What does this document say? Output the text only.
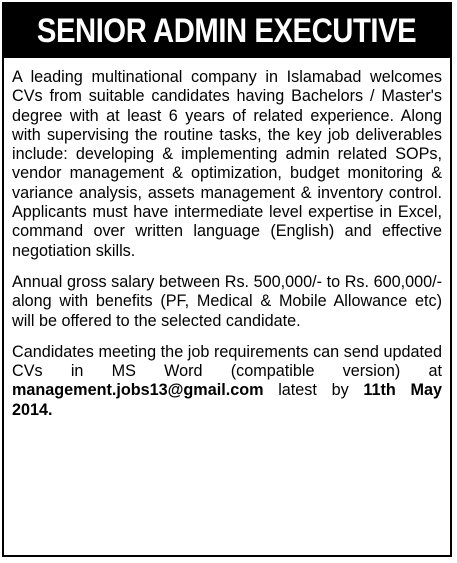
SENIOR ADMIN EXECUTIVE

A leading multinational company in Islamabad welcomes CVs from suitable candidates having Bachelors / Master's degree with at least 6 years of related experience. Along with supervising the routine tasks, the key job deliverables include: developing & implementing admin related SOPs, vendor management & optimization, budget monitoring & variance analysis, assets management & inventory control. Applicants must have intermediate level expertise in Excel, command over written language (English) and effective negotiation skills.

Annual gross salary between Rs. 500,000/- to Rs. 600,000/- along with benefits (PF, Medical & Mobile Allowance etc) will be offered to the selected candidate.

Candidates meeting the job requirements can send updated CVs in MS Word (compatible version) at management.jobs13@gmail.com latest by 11th May 2014.
